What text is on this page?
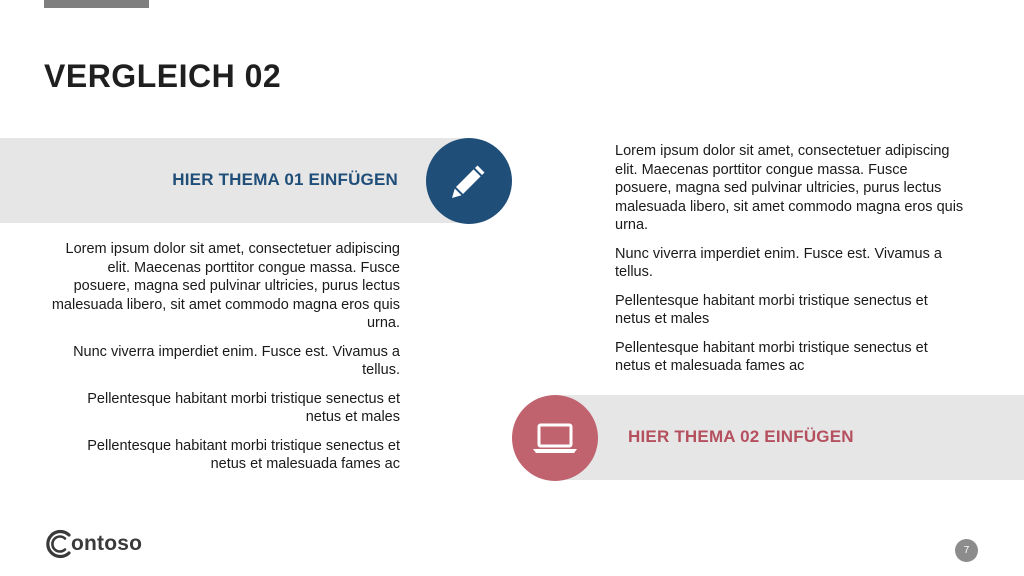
VERGLEICH 02
HIER THEMA 01 EINFÜGEN

Lorem ipsum dolor sit amet, consectetuer adipiscing elit. Maecenas porttitor congue massa. Fusce posuere, magna sed pulvinar ultricies, purus lectus malesuada libero, sit amet commodo magna eros quis urna.

Nunc viverra imperdiet enim. Fusce est. Vivamus a tellus.

Pellentesque habitant morbi tristique senectus et netus et males

Pellentesque habitant morbi tristique senectus et netus et malesuada fames ac

Lorem ipsum dolor sit amet, consectetuer adipiscing elit. Maecenas porttitor congue massa. Fusce posuere, magna sed pulvinar ultricies, purus lectus malesuada libero, sit amet commodo magna eros quis urna.

Nunc viverra imperdiet enim. Fusce est. Vivamus a tellus.

Pellentesque habitant morbi tristique senectus et netus et males

Pellentesque habitant morbi tristique senectus et netus et malesuada fames ac

HIER THEMA 02 EINFÜGEN
ontoso	7
